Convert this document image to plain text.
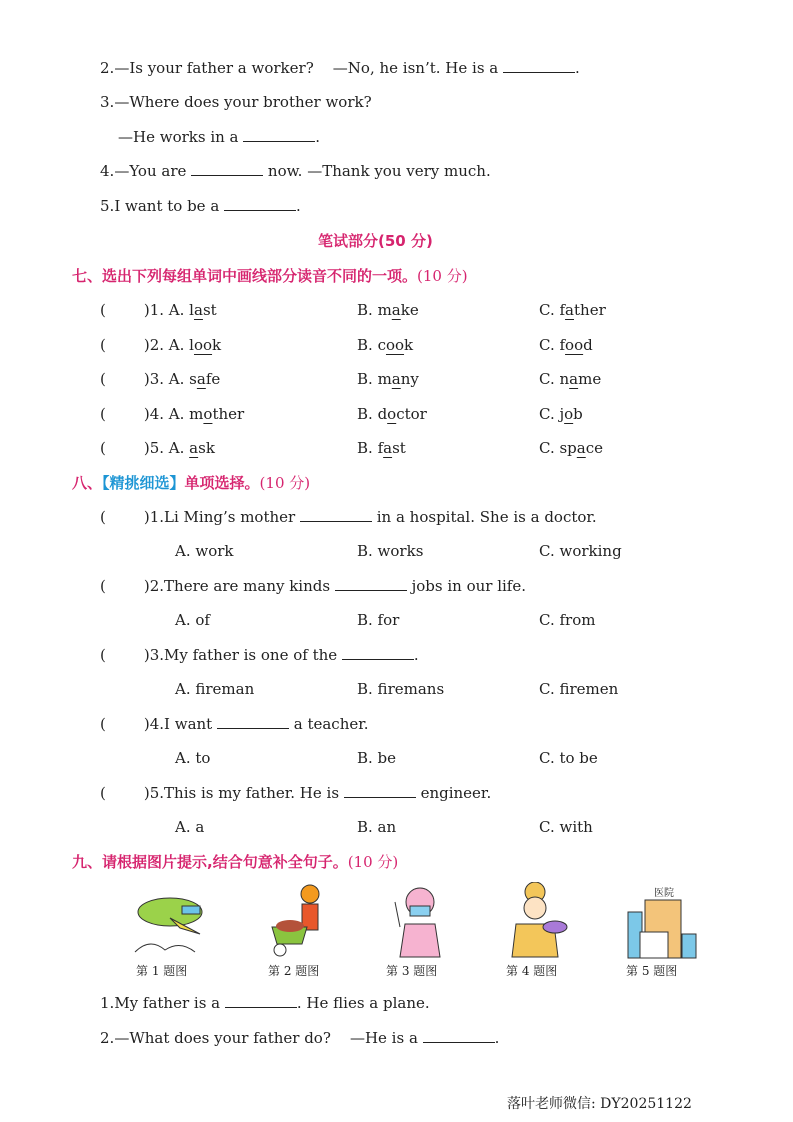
2.—Is your father a worker?    —No, he isn’t. He is a	.
3.—Where does your brother work?
—He works in a	.
4.—You are	now. —Thank you very much.
5.I want to be a	.
笔试部分(50 分)
七、选出下列每组单词中画线部分读音不同的一项。(10 分)
(	)1. A. last	B. make	C. father
(	)2. A. look	B. cook	C. food
(	)3. A. safe	B. many	C. name
(	)4. A. mother	B. doctor	C. job
(	)5. A. ask	B. fast	C. space
八、【精挑细选】单项选择。(10 分)
(	)1.Li Ming’s mother	in a hospital. She is a doctor.
A. work	B. works	C. working
(	)2.There are many kinds	jobs in our life.
A. of	B. for	C. from
(	)3.My father is one of the	.
A. fireman	B. firemans	C. firemen
(	)4.I want	a teacher.
A. to	B. be	C. to be
(	)5.This is my father. He is	engineer.
A. a	B. an	C. with
九、请根据图片提示,结合句意补全句子。(10 分)
第 1 题图	第 2 题图	第 3 题图	第 4 题图
医院
第 5 题图
1.My father is a	. He flies a plane.
2.—What does your father do?    —He is a	.
落叶老师微信: DY20251122
